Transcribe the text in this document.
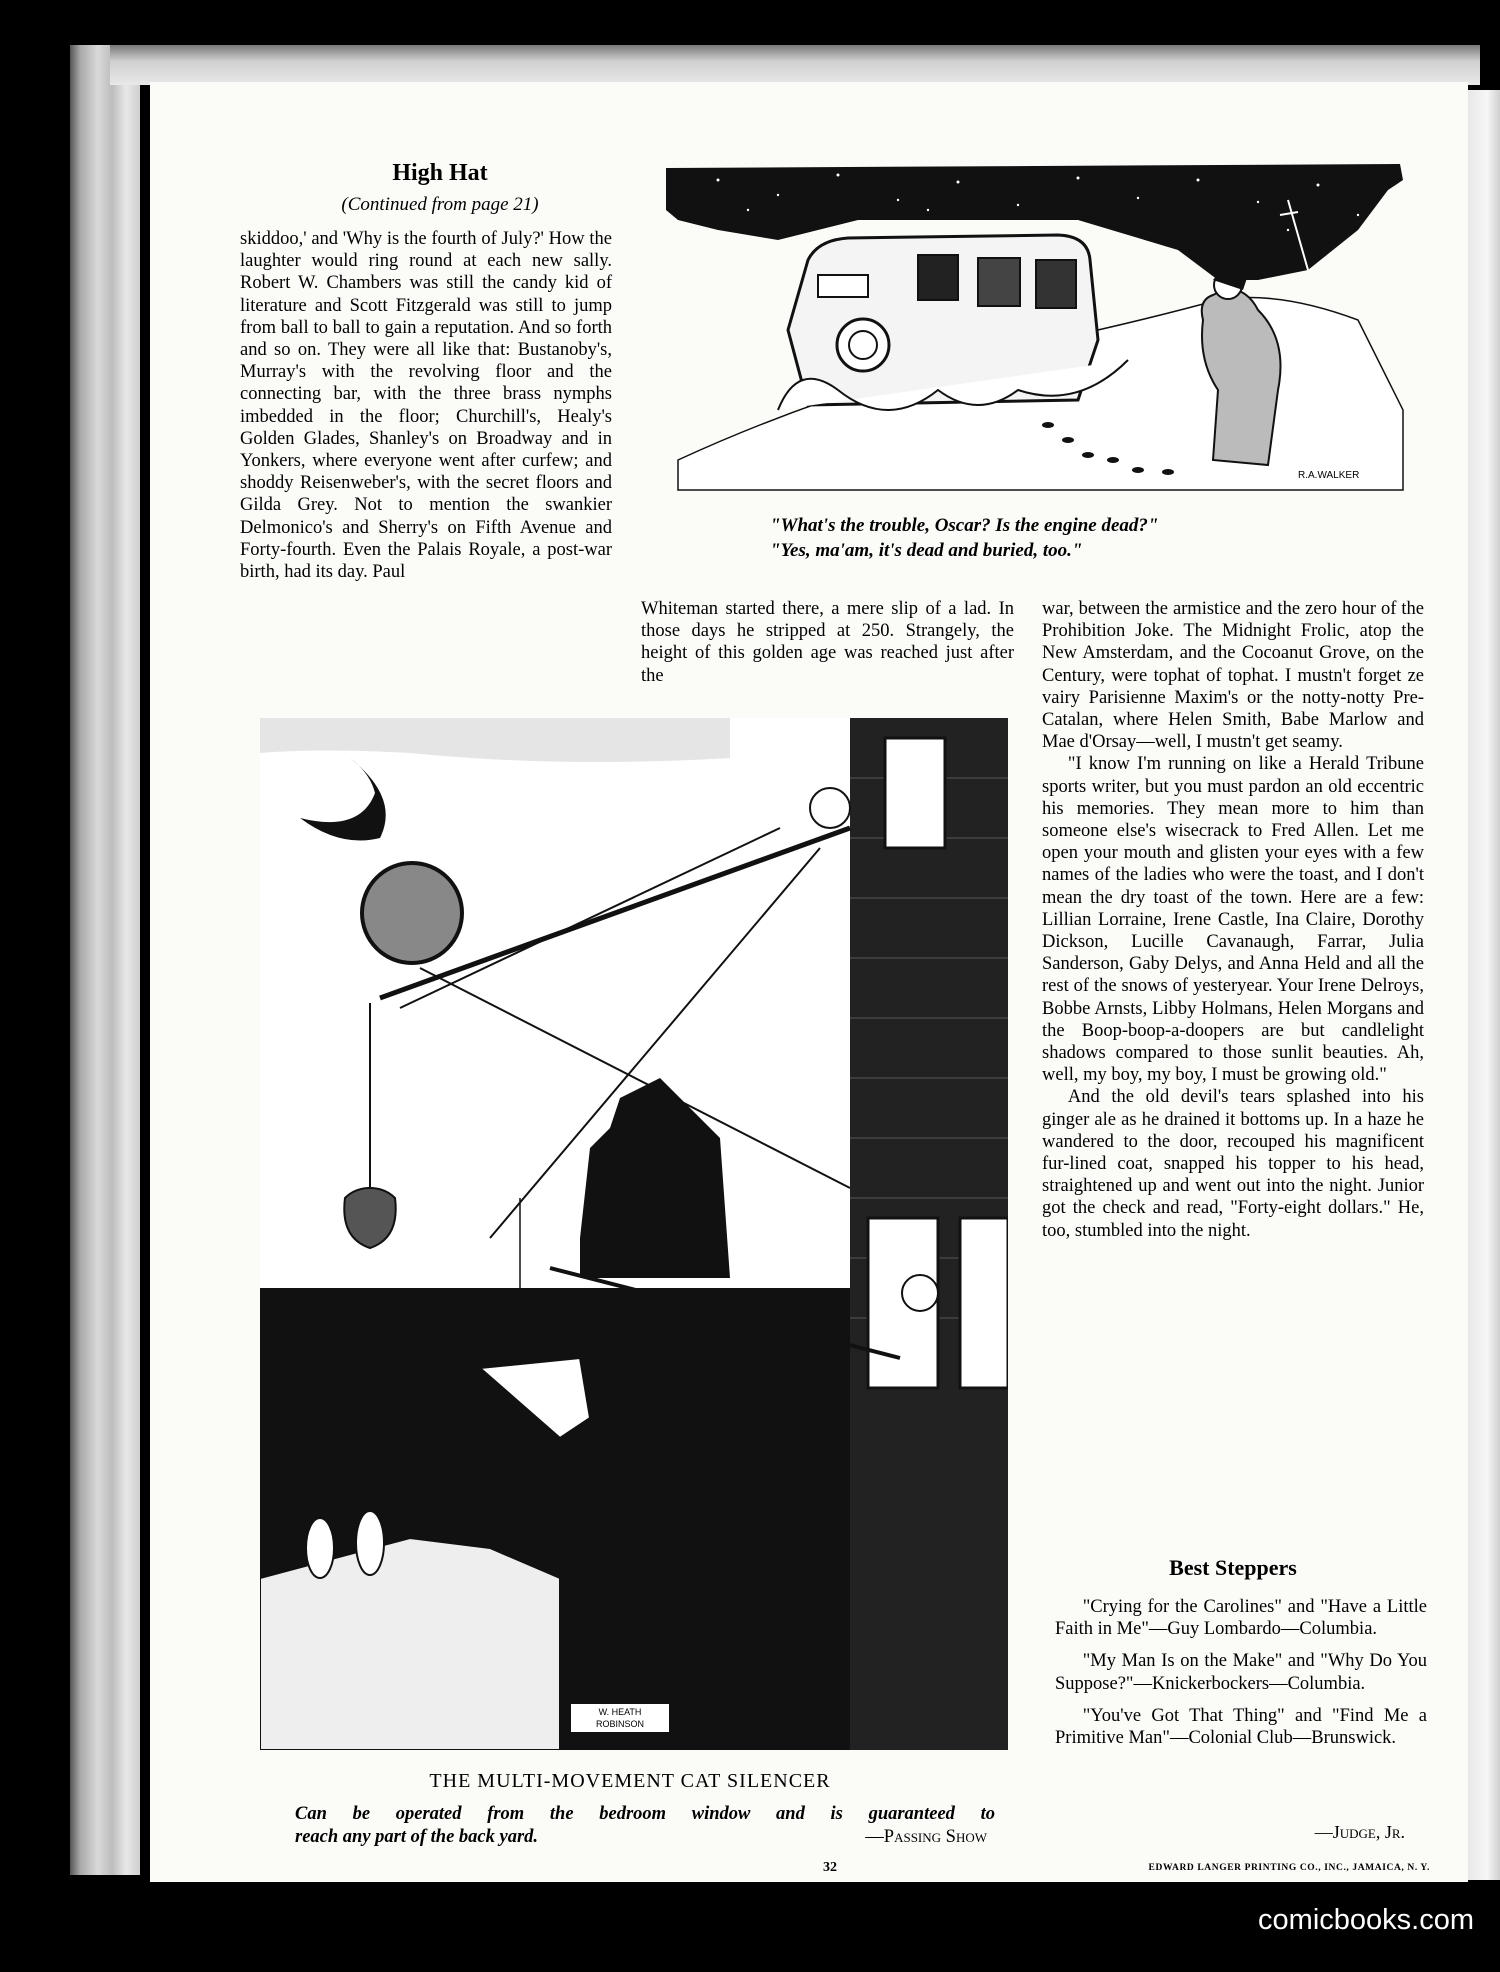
High Hat
(Continued from page 21)

skiddoo,' and 'Why is the fourth of July?' How the laughter would ring round at each new sally. Robert W. Chambers was still the candy kid of literature and Scott Fitzgerald was still to jump from ball to ball to gain a reputation. And so forth and so on. They were all like that: Bustanoby's, Murray's with the revolving floor and the connecting bar, with the three brass nymphs imbedded in the floor; Churchill's, Healy's Golden Glades, Shanley's on Broadway and in Yonkers, where everyone went after curfew; and shoddy Reisenweber's, with the secret floors and Gilda Grey. Not to mention the swankier Delmonico's and Sherry's on Fifth Avenue and Forty-fourth. Even the Palais Royale, a post-war birth, had its day. Paul

R.A.WALKER
"What's the trouble, Oscar? Is the engine dead?"
"Yes, ma'am, it's dead and buried, too."

Whiteman started there, a mere slip of a lad. In those days he stripped at 250. Strangely, the height of this golden age was reached just after the

war, between the armistice and the zero hour of the Prohibition Joke. The Midnight Frolic, atop the New Amsterdam, and the Cocoanut Grove, on the Century, were tophat of tophat. I mustn't forget ze vairy Parisienne Maxim's or the notty-notty Pre-Catalan, where Helen Smith, Babe Marlow and Mae d'Orsay—well, I mustn't get seamy.

"I know I'm running on like a Herald Tribune sports writer, but you must pardon an old eccentric his memories. They mean more to him than someone else's wisecrack to Fred Allen. Let me open your mouth and glisten your eyes with a few names of the ladies who were the toast, and I don't mean the dry toast of the town. Here are a few: Lillian Lorraine, Irene Castle, Ina Claire, Dorothy Dickson, Lucille Cavanaugh, Farrar, Julia Sanderson, Gaby Delys, and Anna Held and all the rest of the snows of yesteryear. Your Irene Delroys, Bobbe Arnsts, Libby Holmans, Helen Morgans and the Boop-boop-a-doopers are but candlelight shadows compared to those sunlit beauties. Ah, well, my boy, my boy, I must be growing old."

And the old devil's tears splashed into his ginger ale as he drained it bottoms up. In a haze he wandered to the door, recouped his magnificent fur-lined coat, snapped his topper to his head, straightened up and went out into the night. Junior got the check and read, "Forty-eight dollars." He, too, stumbled into the night.

W. HEATH
ROBINSON
THE MULTI-MOVEMENT CAT SILENCER
Can be operated from the bedroom window and is guaranteed to
reach any part of the back yard.	—Passing Show
Best Steppers

"Crying for the Carolines" and "Have a Little Faith in Me"—Guy Lombardo—Columbia.

"My Man Is on the Make" and "Why Do You Suppose?"—Knickerbockers—Columbia.

"You've Got That Thing" and "Find Me a Primitive Man"—Colonial Club—Brunswick.

—Judge, Jr.
32	EDWARD LANGER PRINTING CO., INC., JAMAICA, N. Y.
comicbooks.com
